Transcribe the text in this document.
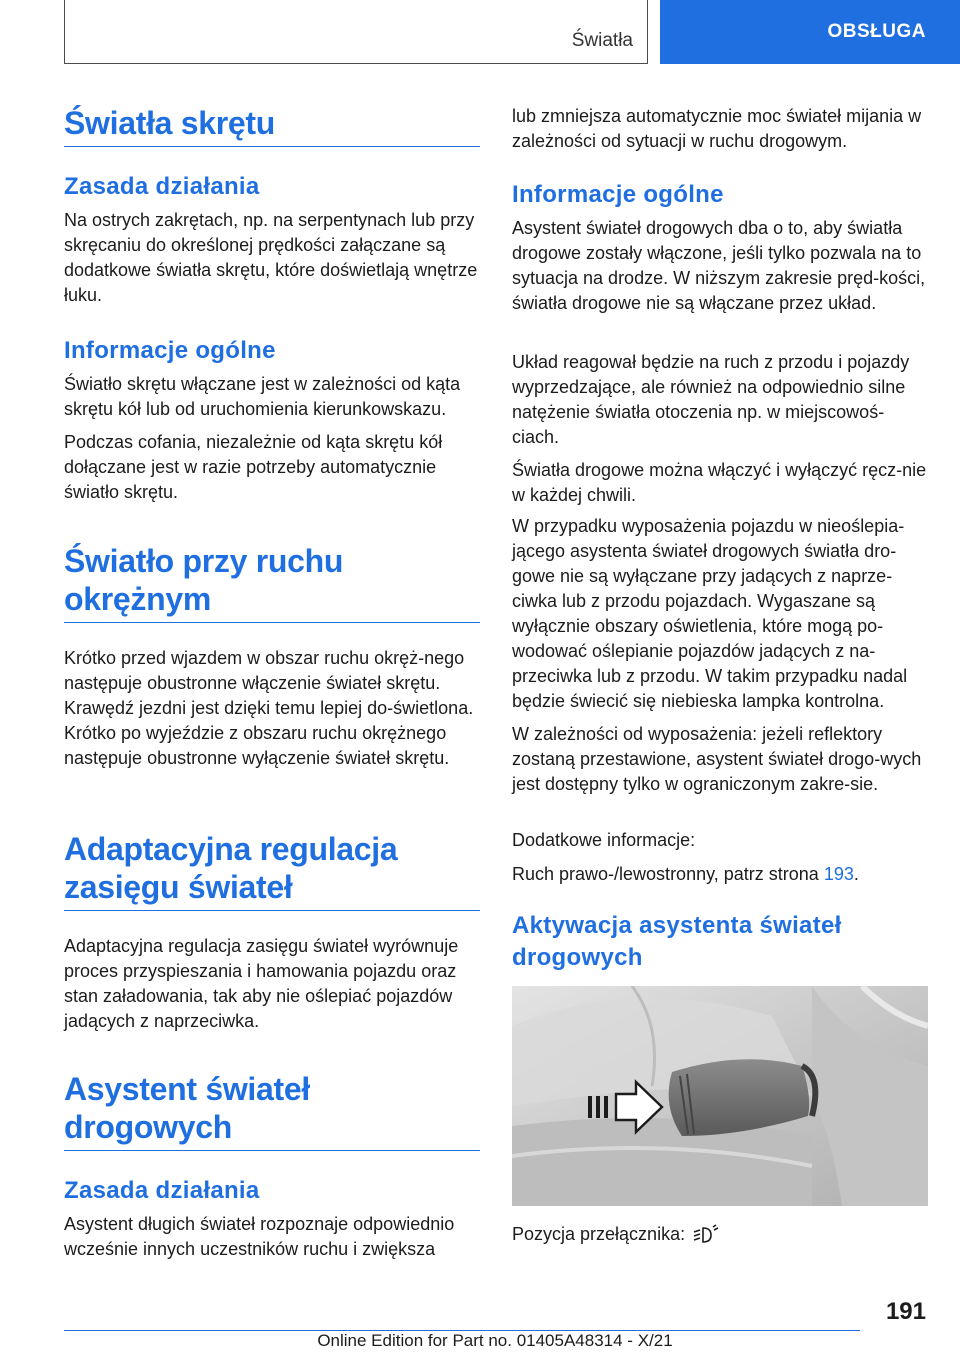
Światła	OBSŁUGA
Światła skrętu
Zasada działania

Na ostrych zakrętach, np. na serpentynach lub przy skręcaniu do określonej prędkości załączane są dodatkowe światła skrętu, które doświetlają wnętrze łuku.

Informacje ogólne

Światło skrętu włączane jest w zależności od kąta skrętu kół lub od uruchomienia kierunkowskazu.

Podczas cofania, niezależnie od kąta skrętu kół dołączane jest w razie potrzeby automatycznie światło skrętu.

Światło przy ruchu okrężnym

Krótko przed wjazdem w obszar ruchu okręż-nego następuje obustronne włączenie świateł skrętu. Krawędź jezdni jest dzięki temu lepiej do-świetlona. Krótko po wyjeździe z obszaru ruchu okrężnego następuje obustronne wyłączenie świateł skrętu.

Adaptacyjna regulacja zasięgu świateł

Adaptacyjna regulacja zasięgu świateł wyrównuje proces przyspieszania i hamowania pojazdu oraz stan załadowania, tak aby nie oślepiać pojazdów jadących z naprzeciwka.

Asystent świateł drogowych
Zasada działania

Asystent długich świateł rozpoznaje odpowiednio wcześnie innych uczestników ruchu i zwiększa

lub zmniejsza automatycznie moc świateł mijania w zależności od sytuacji w ruchu drogowym.

Informacje ogólne

Asystent świateł drogowych dba o to, aby światła drogowe zostały włączone, jeśli tylko pozwala na to sytuacja na drodze. W niższym zakresie pręd-kości, światła drogowe nie są włączane przez układ.

Układ reagował będzie na ruch z przodu i pojazdy wyprzedzające, ale również na odpowiednio silne natężenie światła otoczenia np. w miejscowoś-ciach.

Światła drogowe można włączyć i wyłączyć ręcz-nie w każdej chwili.

W przypadku wyposażenia pojazdu w nieoślepia-jącego asystenta świateł drogowych światła dro-gowe nie są wyłączane przy jadących z naprze-ciwka lub z przodu pojazdach. Wygaszane są wyłącznie obszary oświetlenia, które mogą po-wodować oślepianie pojazdów jadących z na-przeciwka lub z przodu. W takim przypadku nadal będzie świecić się niebieska lampka kontrolna.

W zależności od wyposażenia: jeżeli reflektory zostaną przestawione, asystent świateł drogo-wych jest dostępny tylko w ograniczonym zakre-sie.

Dodatkowe informacje:

Ruch prawo-/lewostronny, patrz strona 193.

Aktywacja asystenta świateł drogowych

Pozycja przełącznika:

191
Online Edition for Part no. 01405A48314 - X/21
